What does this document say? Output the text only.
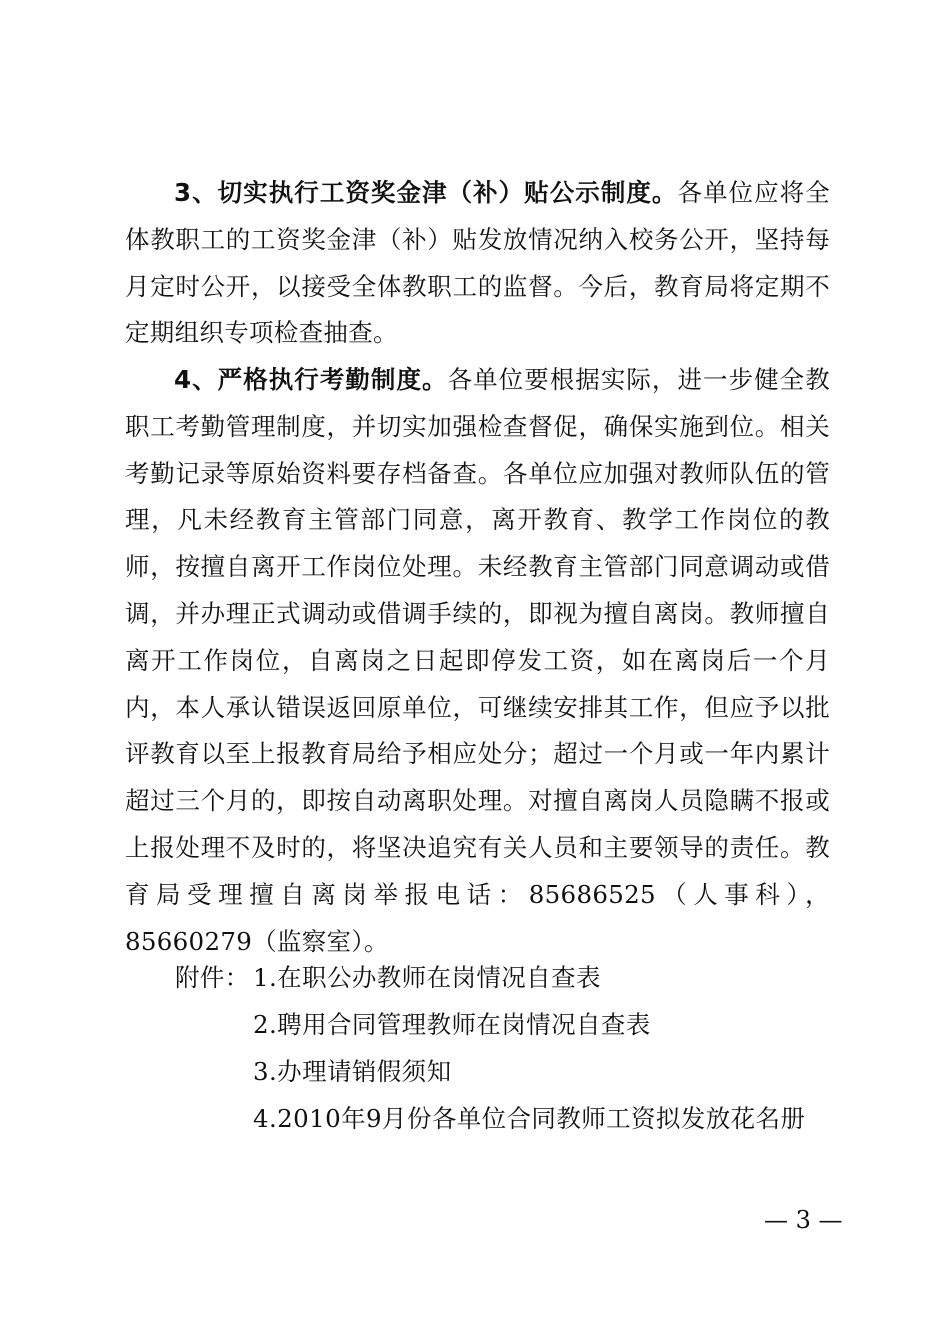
3、切实执行工资奖金津（补）贴公示制度。各单位应将全体教职工的工资奖金津（补）贴发放情况纳入校务公开，坚持每月定时公开，以接受全体教职工的监督。今后，教育局将定期不定期组织专项检查抽查。

4、严格执行考勤制度。各单位要根据实际，进一步健全教职工考勤管理制度，并切实加强检查督促，确保实施到位。相关考勤记录等原始资料要存档备查。各单位应加强对教师队伍的管理，凡未经教育主管部门同意，离开教育、教学工作岗位的教师，按擅自离开工作岗位处理。未经教育主管部门同意调动或借调，并办理正式调动或借调手续的，即视为擅自离岗。教师擅自离开工作岗位，自离岗之日起即停发工资，如在离岗后一个月内，本人承认错误返回原单位，可继续安排其工作，但应予以批评教育以至上报教育局给予相应处分；超过一个月或一年内累计超过三个月的，即按自动离职处理。对擅自离岗人员隐瞒不报或上报处理不及时的，将坚决追究有关人员和主要领导的责任。教育局受理擅自离岗举报电话：85686525（人事科），85660279（监察室）。

附件： 1.在职公办教师在岗情况自查表
2.聘用合同管理教师在岗情况自查表
3.办理请销假须知
4.2010年9月份各单位合同教师工资拟发放花名册
— 3 —
